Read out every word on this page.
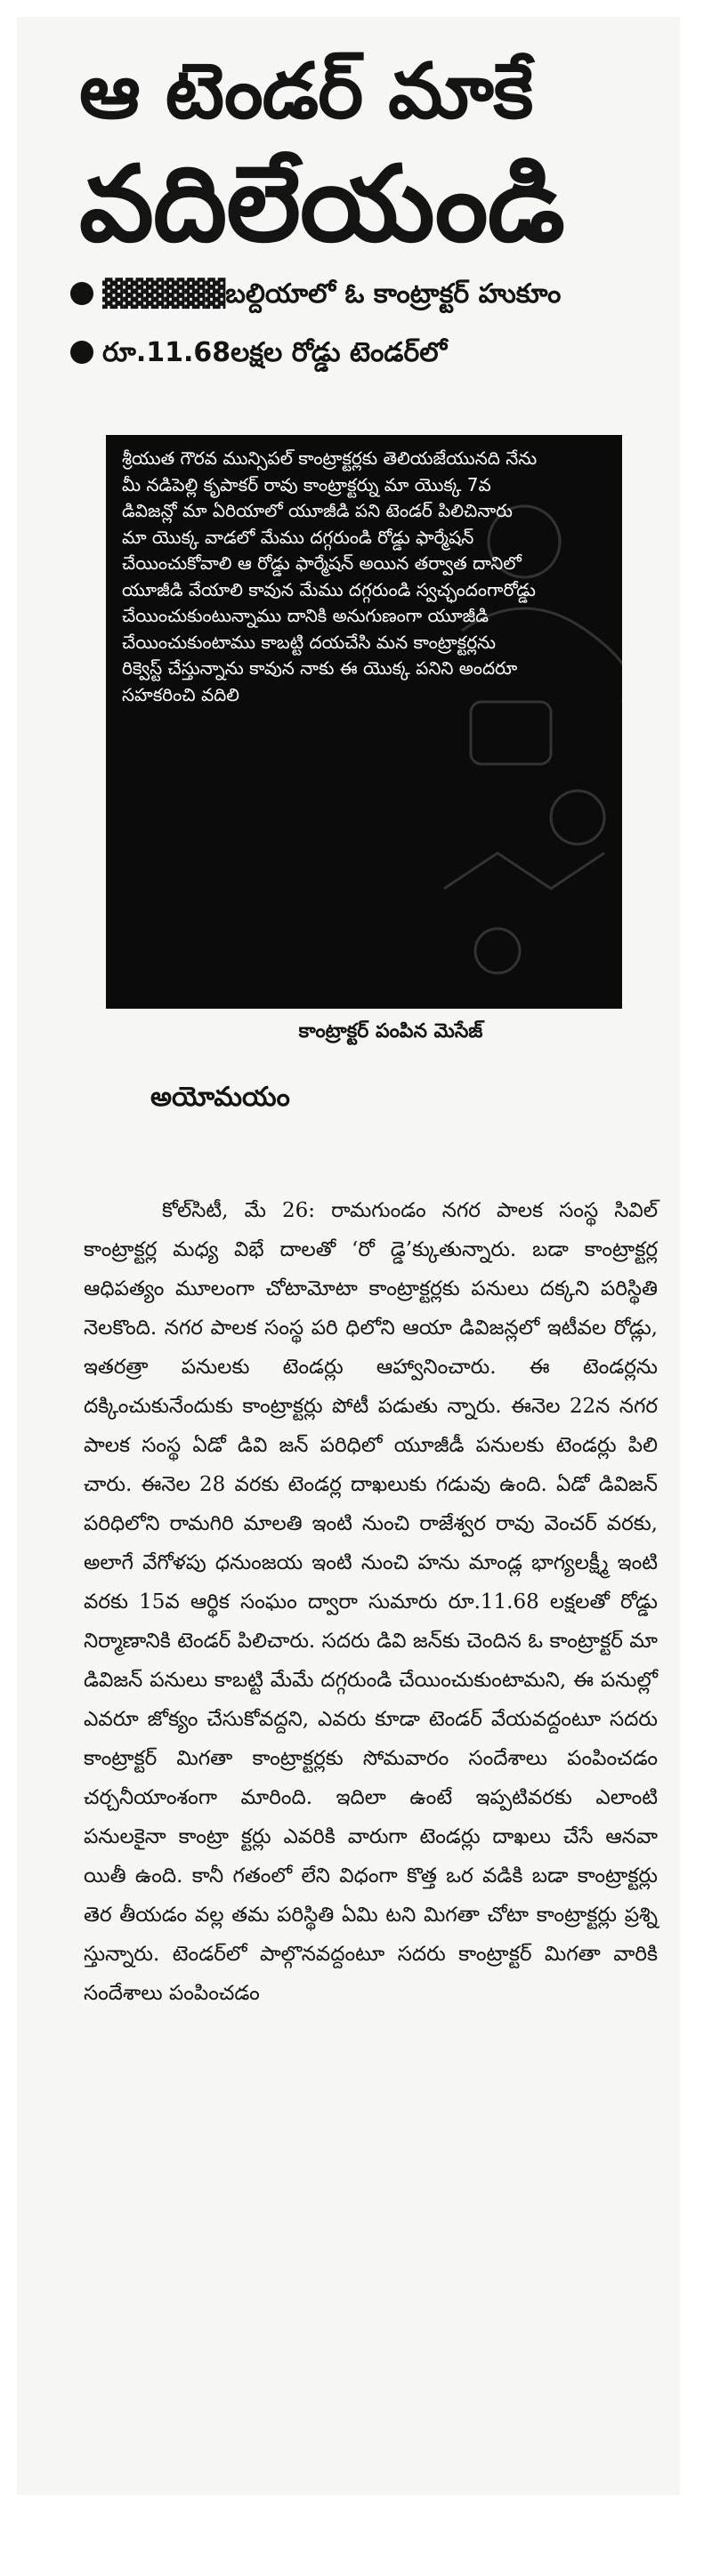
ఆ టెండర్‌ మాకే
వదిలేయండి
▓▓▓▓▓▓బల్దియాలో ఓ కాంట్రాక్టర్‌ హుకూం
రూ.11.68లక్షల రోడ్డు టెండర్‌లో
శ్రీయుత గౌరవ మున్సిపల్‌ కాంట్రాక్టర్లకు తెలియజేయునది నేను మీ నడిపెల్లి కృపాకర్‌ రావు కాంట్రాక్టర్ను మా యొక్క 7వ డివిజన్లో మా ఏరియాలో యూజీడి పని టెండర్‌ పిలిచినారు మా యొక్క వాడలో మేము దగ్గరుండి రోడ్డు ఫార్మేషన్‌ చేయించుకోవాలి ఆ రోడ్డు ఫార్మేషన్‌ అయిన తర్వాత దానిలో యూజీడి వేయాలి కావున మేము దగ్గరుండి స్వచ్ఛందంగారోడ్డు చేయించుకుంటున్నాము దానికి అనుగుణంగా యూజీడి చేయించుకుంటాము కాబట్టి దయచేసి మన కాంట్రాక్టర్లను రిక్వెస్ట్‌ చేస్తున్నాను కావున నాకు ఈ యొక్క పనిని అందరూ సహకరించి వదిలి
కాంట్రాక్టర్‌ పంపిన మెసేజ్‌
అయోమయం

కోల్‌సిటీ, మే 26: రామగుండం నగర పాలక సంస్థ సివిల్‌ కాంట్రాక్టర్ల మధ్య విభే దాలతో ‘రో డ్డె’క్కుతున్నారు. బడా కాంట్రాక్టర్ల ఆధిపత్యం మూలంగా చోటామోటా కాంట్రాక్టర్లకు పనులు దక్కని పరిస్థితి నెలకొంది. నగర పాలక సంస్థ పరి ధిలోని ఆయా డివిజన్లలో ఇటీవల రోడ్లు, ఇతరత్రా పనులకు టెండర్లు ఆహ్వానించారు. ఈ టెండర్లను దక్కించుకునేందుకు కాంట్రాక్టర్లు పోటీ పడుతు న్నారు. ఈనెల 22న నగర పాలక సంస్థ ఏడో డివి జన్‌ పరిధిలో యూజీడీ పనులకు టెండర్లు పిలి చారు. ఈనెల 28 వరకు టెండర్ల దాఖలుకు గడువు ఉంది. ఏడో డివిజన్‌ పరిధిలోని రామగిరి మాలతి ఇంటి నుంచి రాజేశ్వర రావు వెంచర్‌ వరకు, అలాగే వేగోళపు ధనుంజయ ఇంటి నుంచి హను మాండ్ల భాగ్యలక్ష్మీ ఇంటి వరకు 15వ ఆర్థిక సంఘం ద్వారా సుమారు రూ.11.68 లక్షలతో రోడ్డు నిర్మాణానికి టెండర్‌ పిలిచారు. సదరు డివి జన్‌కు చెందిన ఓ కాంట్రాక్టర్‌ మా డివిజన్‌ పనులు కాబట్టి మేమే దగ్గరుండి చేయించుకుంటామని, ఈ పనుల్లో ఎవరూ జోక్యం చేసుకోవద్దని, ఎవరు కూడా టెండర్‌ వేయవద్దంటూ సదరు కాంట్రాక్టర్‌ మిగతా కాంట్రాక్టర్లకు సోమవారం సందేశాలు పంపించడం చర్చనీయాంశంగా మారింది. ఇదిలా ఉంటే ఇప్పటివరకు ఎలాంటి పనులకైనా కాంట్రా క్టర్లు ఎవరికి వారుగా టెండర్లు దాఖలు చేసే ఆనవా యితీ ఉంది. కానీ గతంలో లేని విధంగా కొత్త ఒర వడికి బడా కాంట్రాక్టర్లు తెర తీయడం వల్ల తమ పరిస్థితి ఏమి టని మిగతా చోటా కాంట్రాక్టర్లు ప్రశ్ని స్తున్నారు. టెండర్‌లో పాల్గొనవద్దంటూ సదరు కాంట్రాక్టర్‌ మిగతా వారికి సందేశాలు పంపించడం
